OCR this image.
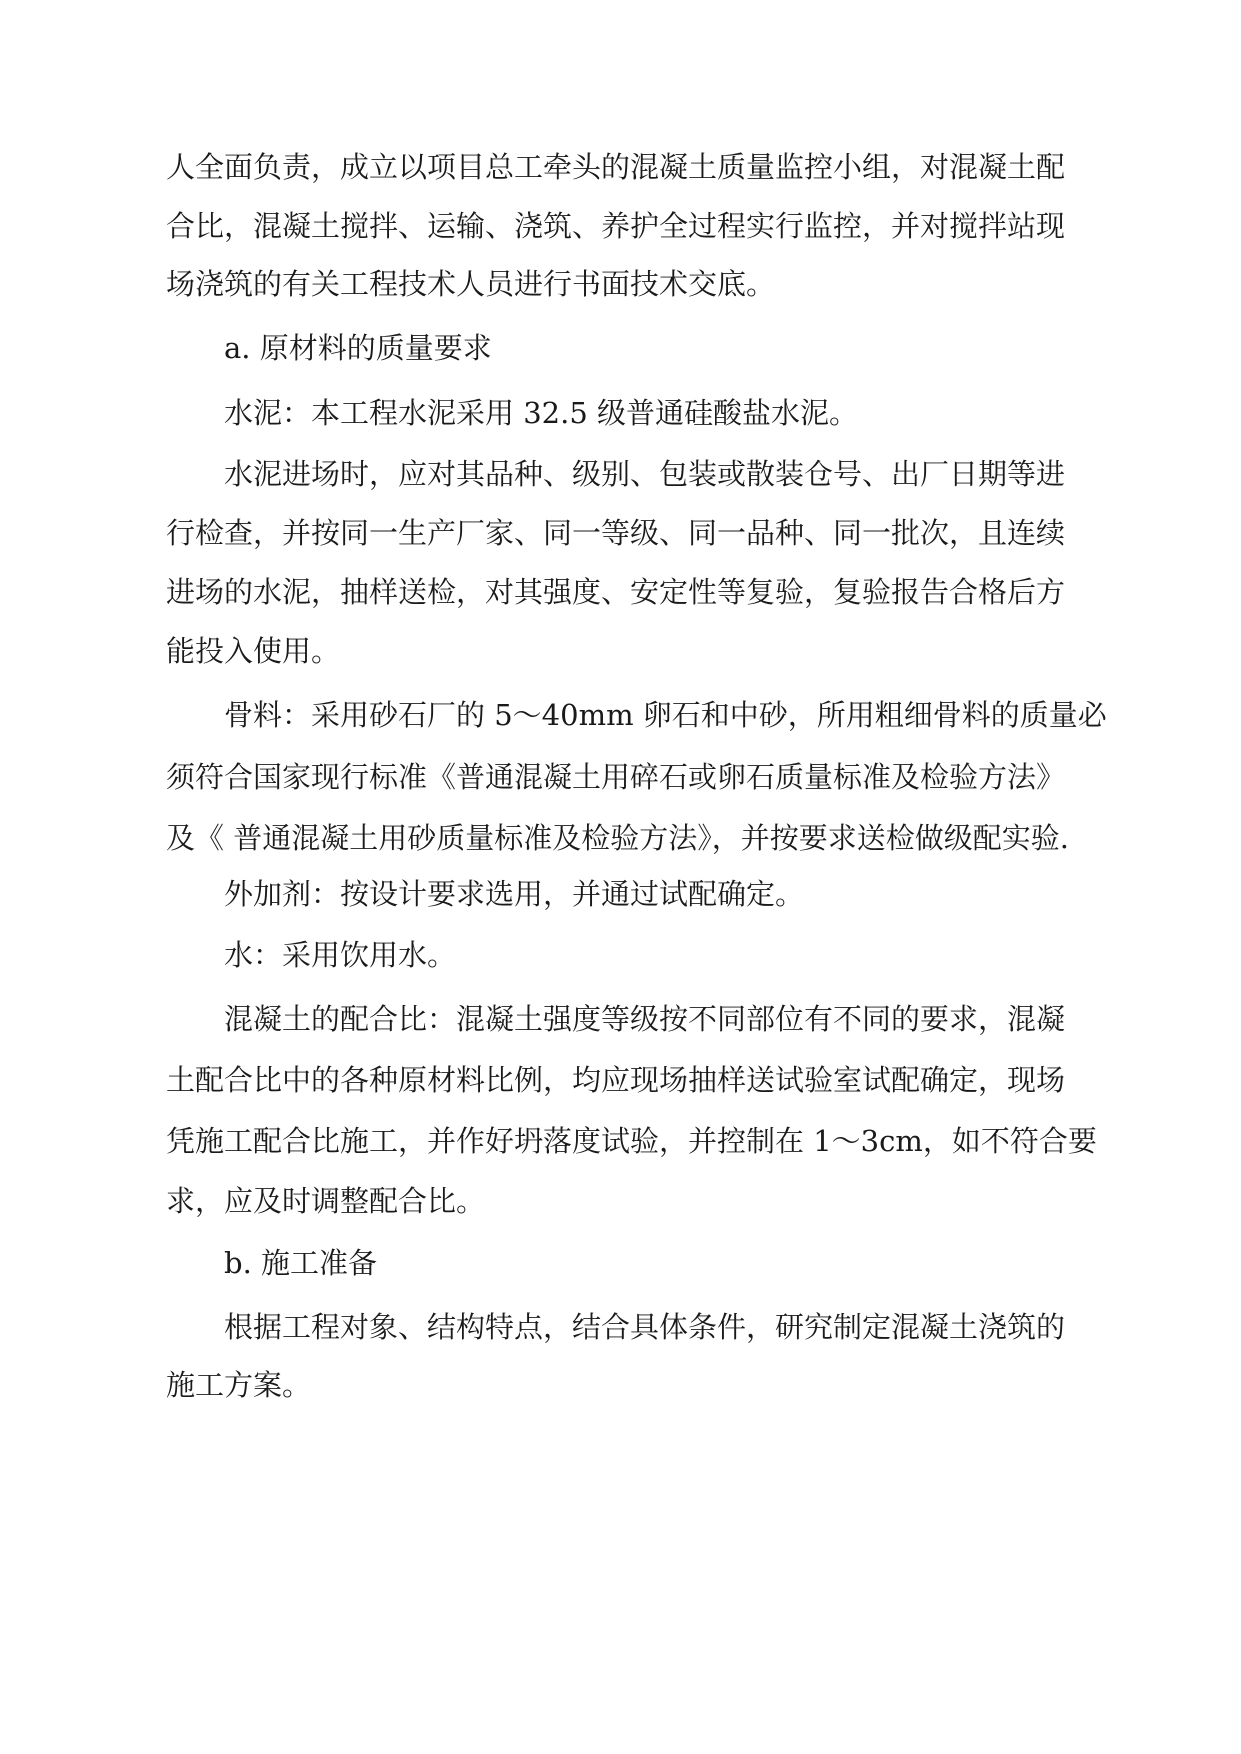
人全面负责，成立以项目总工牵头的混凝土质量监控小组，对混凝土配
合比，混凝土搅拌、运输、浇筑、养护全过程实行监控，并对搅拌站现
场浇筑的有关工程技术人员进行书面技术交底。
a. 原材料的质量要求
水泥：本工程水泥采用 32.5 级普通硅酸盐水泥。
水泥进场时，应对其品种、级别、包装或散装仓号、出厂日期等进
行检查，并按同一生产厂家、同一等级、同一品种、同一批次，且连续
进场的水泥，抽样送检，对其强度、安定性等复验，复验报告合格后方
能投入使用。
骨料：采用砂石厂的 5～40mm 卵石和中砂，所用粗细骨料的质量必
须符合国家现行标准《普通混凝土用碎石或卵石质量标准及检验方法》
及《 普通混凝土用砂质量标准及检验方法》，并按要求送检做级配实验.
外加剂：按设计要求选用，并通过试配确定。
水：采用饮用水。
混凝土的配合比：混凝土强度等级按不同部位有不同的要求，混凝
土配合比中的各种原材料比例，均应现场抽样送试验室试配确定，现场
凭施工配合比施工，并作好坍落度试验，并控制在 1～3cm，如不符合要
求，应及时调整配合比。
b. 施工准备
根据工程对象、结构特点，结合具体条件，研究制定混凝土浇筑的
施工方案。
